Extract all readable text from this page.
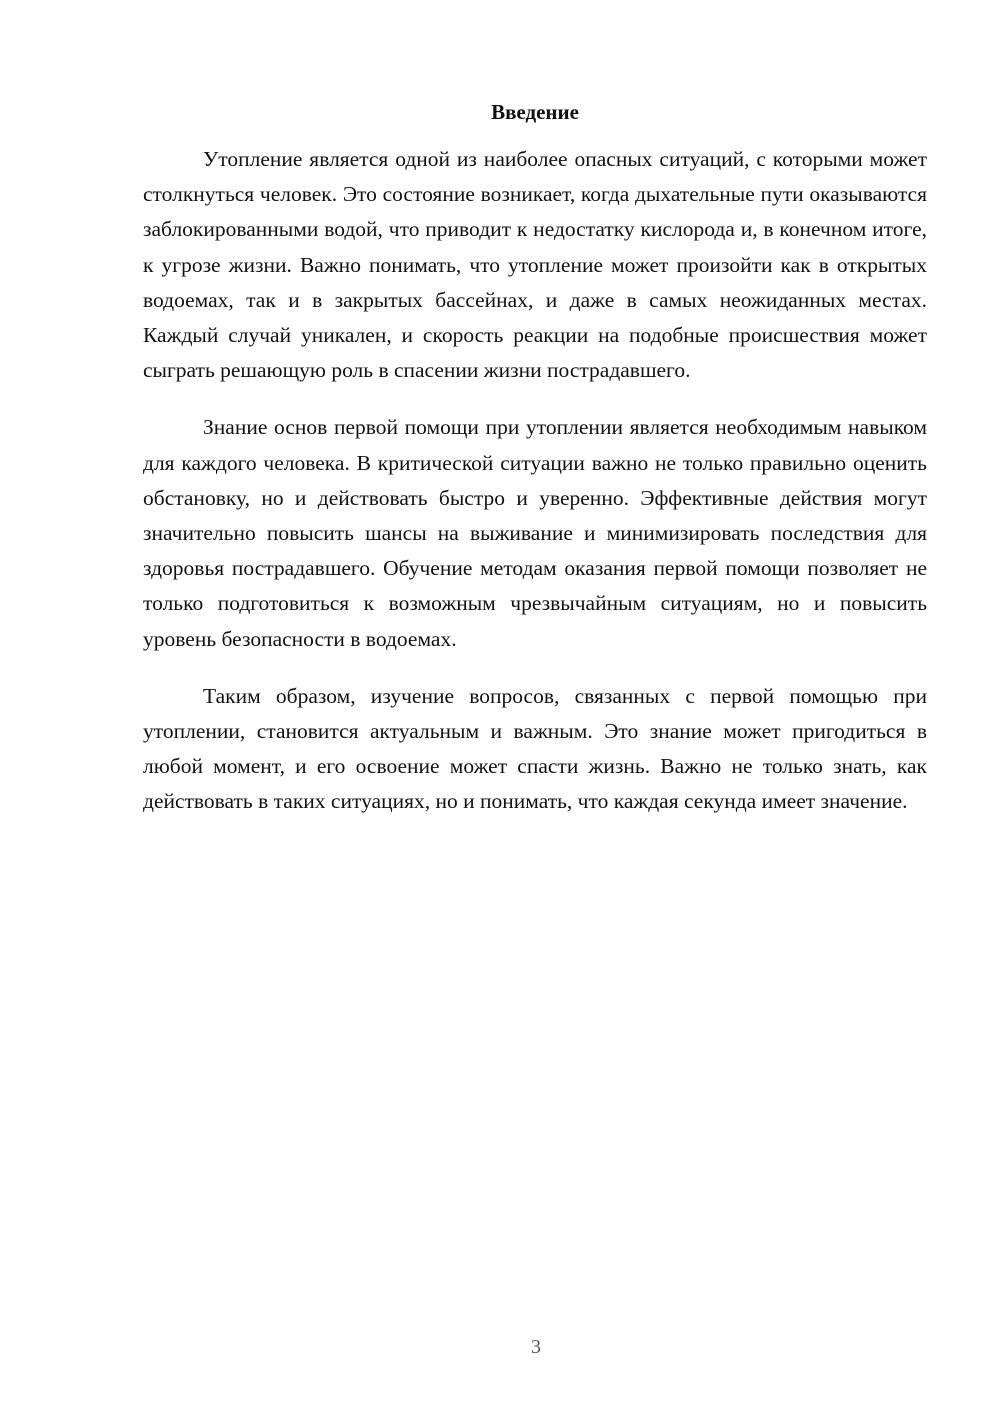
Введение

Утопление является одной из наиболее опасных ситуаций, с которыми может столкнуться человек. Это состояние возникает, когда дыхательные пути оказываются заблокированными водой, что приводит к недостатку кислорода и, в конечном итоге, к угрозе жизни. Важно понимать, что утопление может произойти как в открытых водоемах, так и в закрытых бассейнах, и даже в самых неожиданных местах. Каждый случай уникален, и скорость реакции на подобные происшествия может сыграть решающую роль в спасении жизни пострадавшего.

Знание основ первой помощи при утоплении является необходимым навыком для каждого человека. В критической ситуации важно не только правильно оценить обстановку, но и действовать быстро и уверенно. Эффективные действия могут значительно повысить шансы на выживание и минимизировать последствия для здоровья пострадавшего. Обучение методам оказания первой помощи позволяет не только подготовиться к возможным чрезвычайным ситуациям, но и повысить уровень безопасности в водоемах.

Таким образом, изучение вопросов, связанных с первой помощью при утоплении, становится актуальным и важным. Это знание может пригодиться в любой момент, и его освоение может спасти жизнь. Важно не только знать, как действовать в таких ситуациях, но и понимать, что каждая секунда имеет значение.

3
